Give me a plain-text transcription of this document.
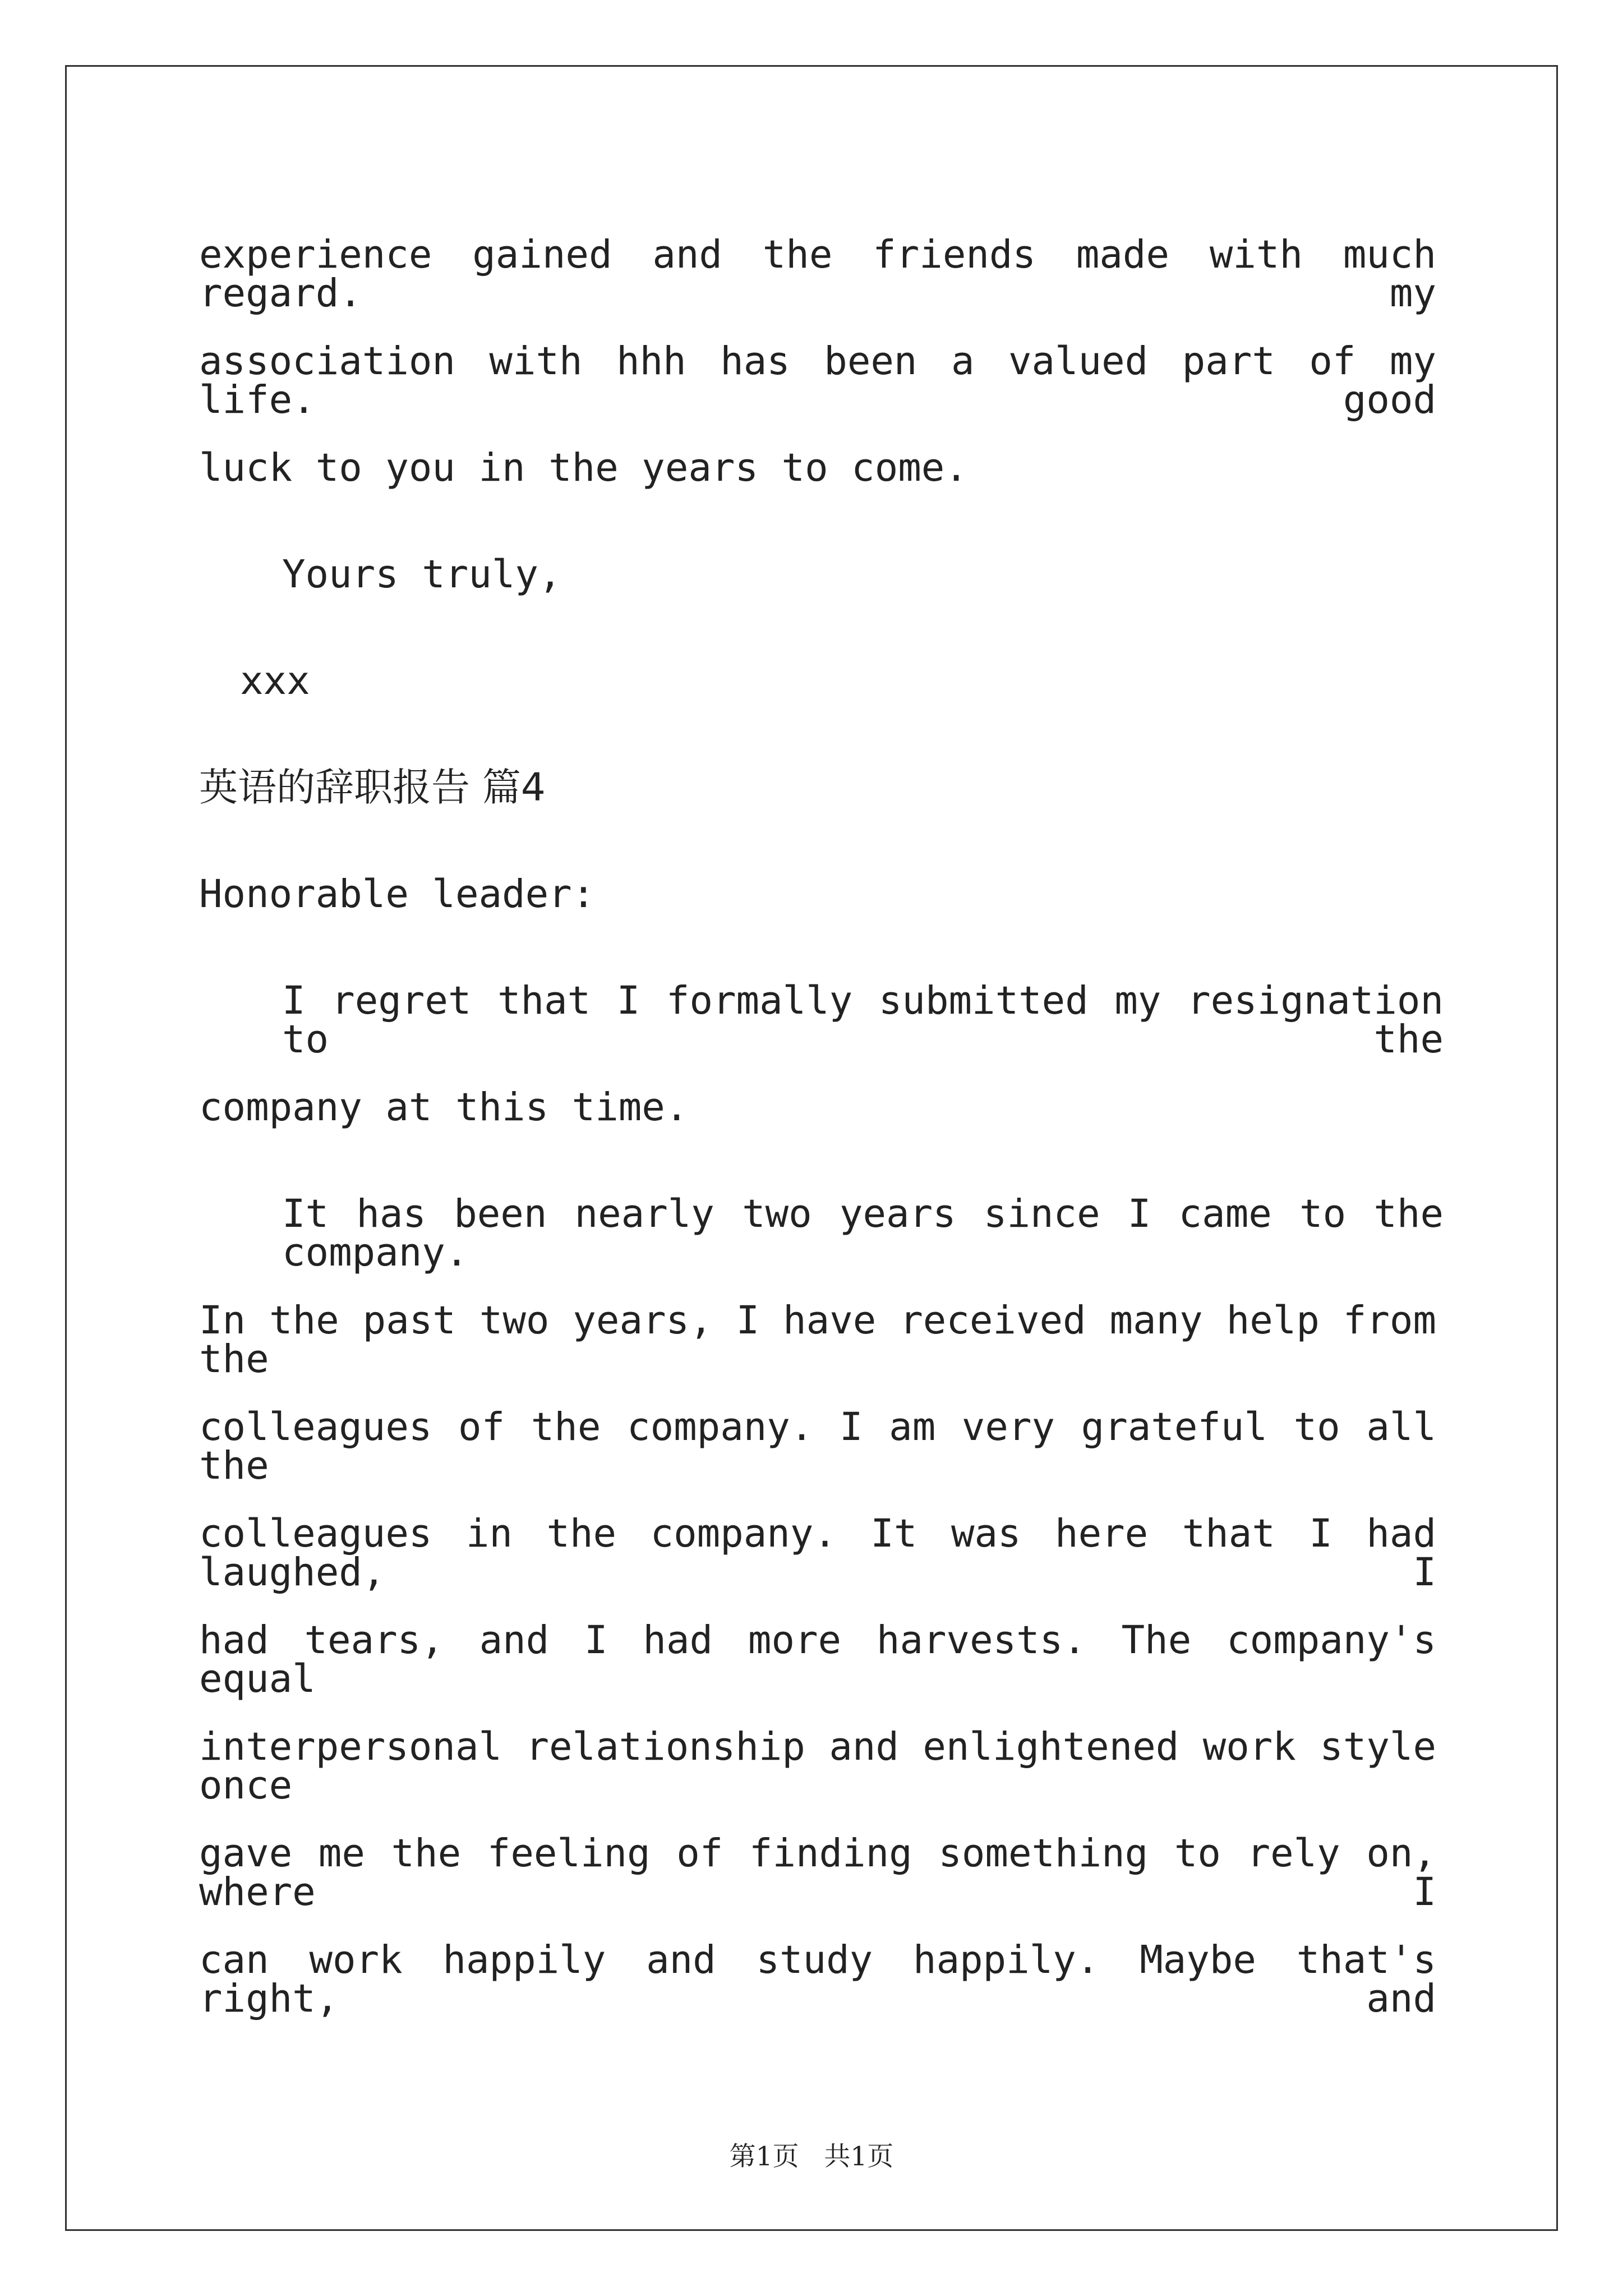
experience gained and the friends made with much regard. my
association with hhh has been a valued part of my life. good
luck to you in the years to come.
Yours truly,
xxx
英语的辞职报告 篇4
Honorable leader:
I regret that I formally submitted my resignation to the
company at this time.
It has been nearly two years since I came to the company.
In the past two years, I have received many help from the
colleagues of the company. I am very grateful to all the
colleagues in the company. It was here that I had laughed, I
had tears, and I had more harvests. The company's equal
interpersonal relationship and enlightened work style once
gave me the feeling of finding something to rely on, where I
can work happily and study happily. Maybe that's right, and
第1页   共1页
